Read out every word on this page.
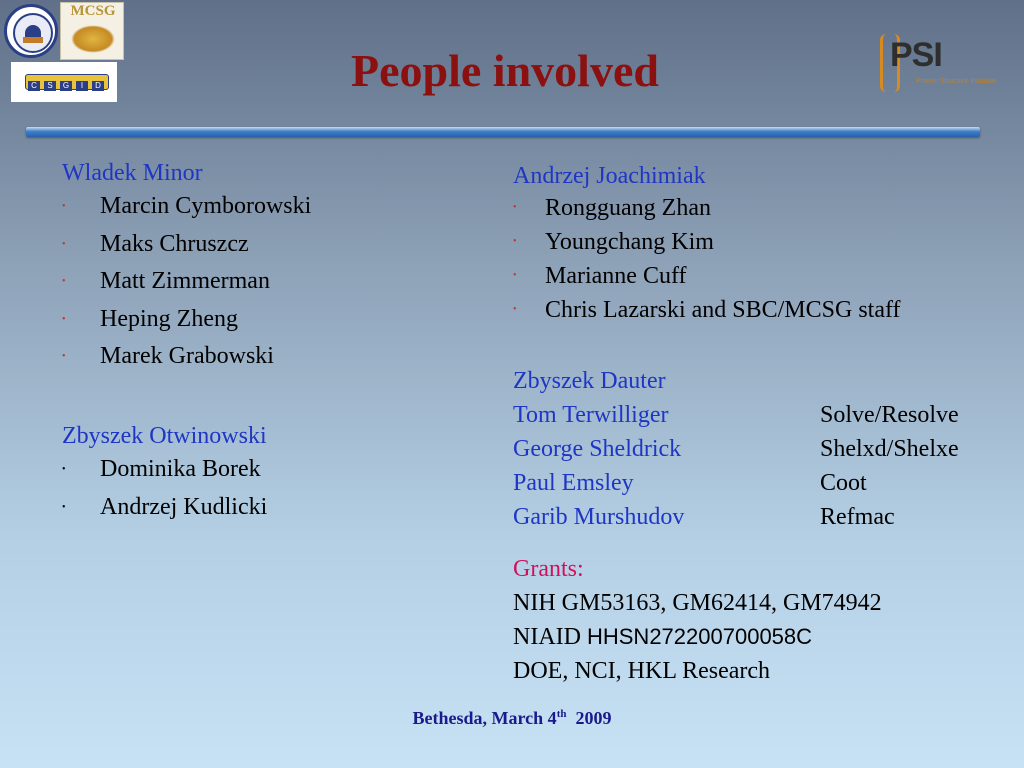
MCSG
C S G I D
PSI
Protein Structure Initiative
People involved
Wladek Minor
• Marcin Cymborowski
• Maks Chruszcz
• Matt Zimmerman
• Heping Zheng
• Marek Grabowski
Zbyszek Otwinowski
• Dominika Borek
• Andrzej Kudlicki
Andrzej Joachimiak
• Rongguang Zhan
• Youngchang Kim
• Marianne Cuff
• Chris Lazarski and SBC/MCSG staff
Zbyszek Dauter
Tom Terwilliger	Solve/Resolve
George Sheldrick	Shelxd/Shelxe
Paul Emsley	Coot
Garib Murshudov	Refmac
Grants:
NIH GM53163, GM62414, GM74942
NIAID HHSN272200700058C
DOE, NCI, HKL Research
Bethesda, March 4th 2009
